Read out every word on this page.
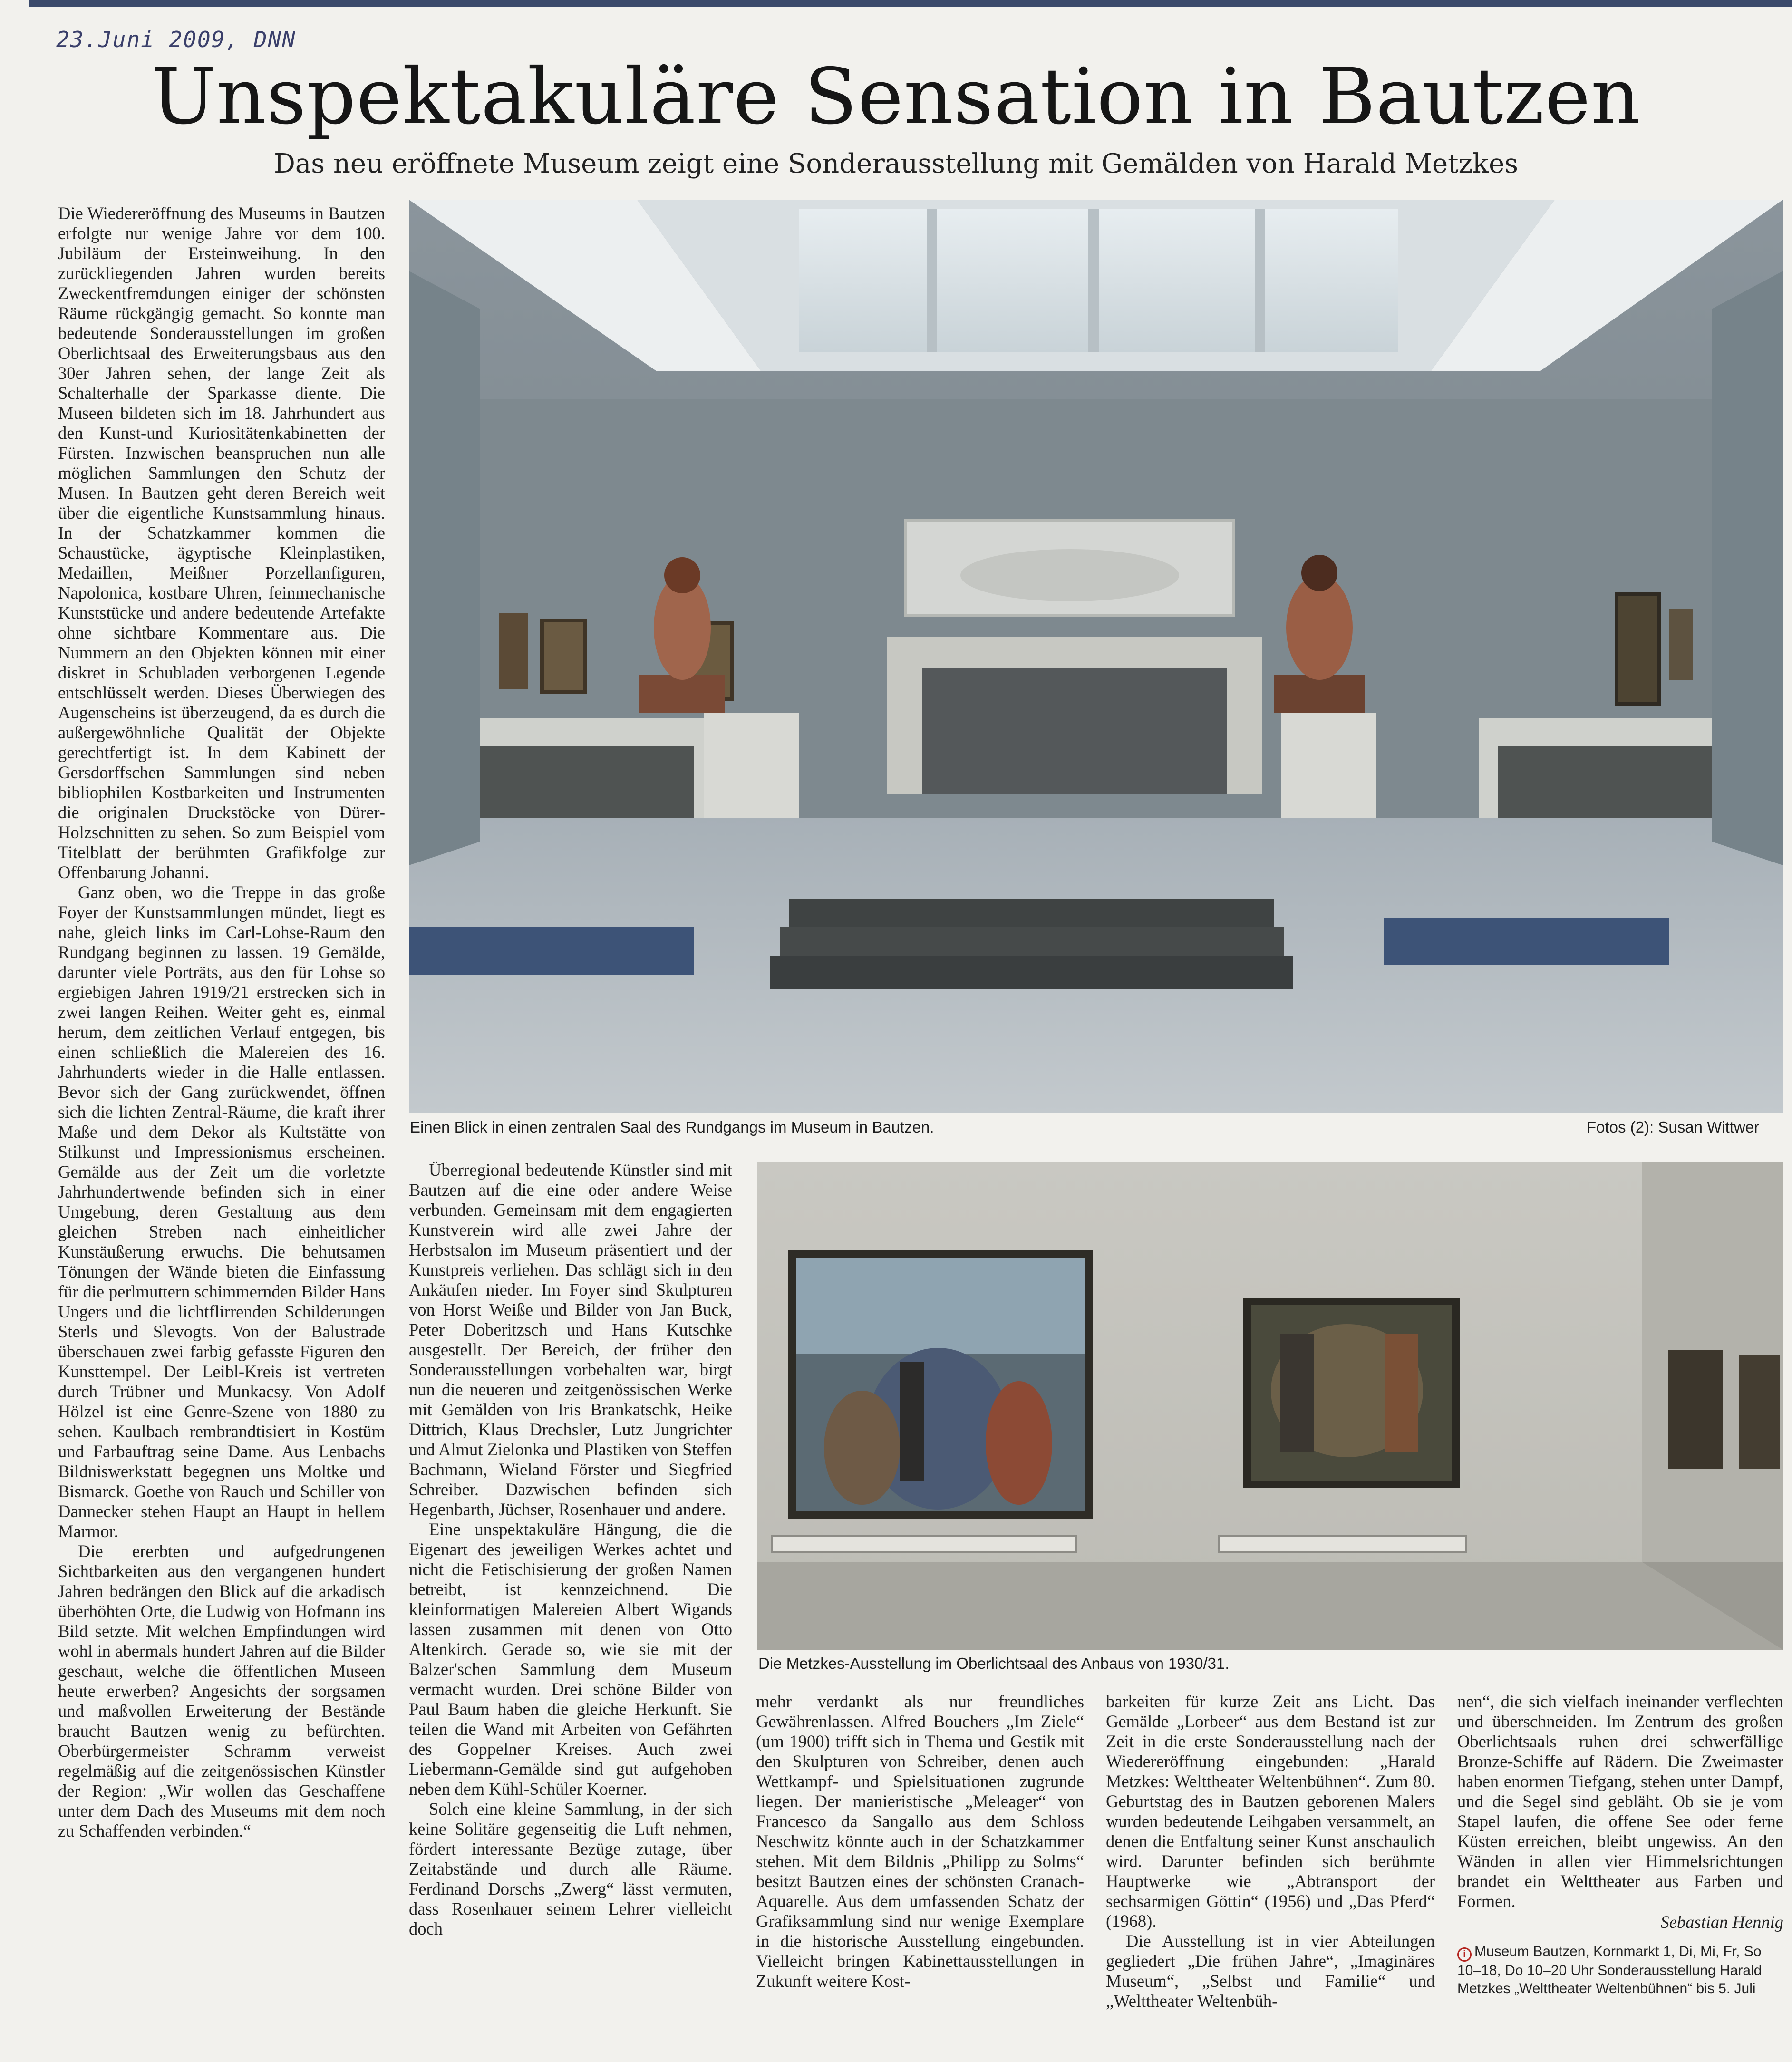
23.Juni 2009, DNN
Unspektakuläre Sensation in Bautzen
Das neu eröffnete Museum zeigt eine Sonderausstellung mit Gemälden von Harald Metzkes

Die Wiedereröffnung des Museums in Bautzen erfolgte nur wenige Jahre vor dem 100. Jubiläum der Ersteinweihung. In den zurückliegenden Jahren wurden bereits Zweckentfremdungen einiger der schönsten Räume rückgängig gemacht. So konnte man bedeutende Sonderausstellungen im großen Oberlichtsaal des Erweiterungsbaus aus den 30er Jahren sehen, der lange Zeit als Schalterhalle der Sparkasse diente. Die Museen bildeten sich im 18. Jahrhundert aus den Kunst-und Kuriositätenkabinetten der Fürsten. Inzwischen beanspruchen nun alle möglichen Sammlungen den Schutz der Musen. In Bautzen geht deren Bereich weit über die eigentliche Kunstsammlung hinaus. In der Schatzkammer kommen die Schaustücke, ägyptische Kleinplastiken, Medaillen, Meißner Porzellanfiguren, Napolonica, kostbare Uhren, feinmechanische Kunststücke und andere bedeutende Artefakte ohne sichtbare Kommentare aus. Die Nummern an den Objekten können mit einer diskret in Schubladen verborgenen Legende entschlüsselt werden. Dieses Überwiegen des Augenscheins ist überzeugend, da es durch die außergewöhnliche Qualität der Objekte gerechtfertigt ist. In dem Kabinett der Gersdorffschen Sammlungen sind neben bibliophilen Kostbarkeiten und Instrumenten die originalen Druckstöcke von Dürer-Holzschnitten zu sehen. So zum Beispiel vom Titelblatt der berühmten Grafikfolge zur Offenbarung Johanni.

Ganz oben, wo die Treppe in das große Foyer der Kunstsammlungen mündet, liegt es nahe, gleich links im Carl-Lohse-Raum den Rundgang beginnen zu lassen. 19 Gemälde, darunter viele Porträts, aus den für Lohse so ergiebigen Jahren 1919/21 erstrecken sich in zwei langen Reihen. Weiter geht es, einmal herum, dem zeitlichen Verlauf entgegen, bis einen schließlich die Malereien des 16. Jahrhunderts wieder in die Halle entlassen. Bevor sich der Gang zurückwendet, öffnen sich die lichten Zentral-Räume, die kraft ihrer Maße und dem Dekor als Kultstätte von Stilkunst und Impressionismus erscheinen. Gemälde aus der Zeit um die vorletzte Jahrhundertwende befinden sich in einer Umgebung, deren Gestaltung aus dem gleichen Streben nach einheitlicher Kunstäußerung erwuchs. Die behutsamen Tönungen der Wände bieten die Einfassung für die perlmuttern schimmernden Bilder Hans Ungers und die lichtflirrenden Schilderungen Sterls und Slevogts. Von der Balustrade überschauen zwei farbig gefasste Figuren den Kunsttempel. Der Leibl-Kreis ist vertreten durch Trübner und Munkacsy. Von Adolf Hölzel ist eine Genre-Szene von 1880 zu sehen. Kaulbach rembrandtisiert in Kostüm und Farbauftrag seine Dame. Aus Lenbachs Bildniswerkstatt begegnen uns Moltke und Bismarck. Goethe von Rauch und Schiller von Dannecker stehen Haupt an Haupt in hellem Marmor.

Die ererbten und aufgedrungenen Sichtbarkeiten aus den vergangenen hundert Jahren bedrängen den Blick auf die arkadisch überhöhten Orte, die Ludwig von Hofmann ins Bild setzte. Mit welchen Empfindungen wird wohl in abermals hundert Jahren auf die Bilder geschaut, welche die öffentlichen Museen heute erwerben? Angesichts der sorgsamen und maßvollen Erweiterung der Bestände braucht Bautzen wenig zu befürchten. Oberbürgermeister Schramm verweist regelmäßig auf die zeitgenössischen Künstler der Region: „Wir wollen das Geschaffene unter dem Dach des Museums mit dem noch zu Schaffenden verbinden.“

Einen Blick in einen zentralen Saal des Rundgangs im Museum in Bautzen.	Fotos (2): Susan Wittwer

Überregional bedeutende Künstler sind mit Bautzen auf die eine oder andere Weise verbunden. Gemeinsam mit dem engagierten Kunstverein wird alle zwei Jahre der Herbstsalon im Museum präsentiert und der Kunstpreis verliehen. Das schlägt sich in den Ankäufen nieder. Im Foyer sind Skulpturen von Horst Weiße und Bilder von Jan Buck, Peter Doberitzsch und Hans Kutschke ausgestellt. Der Bereich, der früher den Sonderausstellungen vorbehalten war, birgt nun die neueren und zeitgenössischen Werke mit Gemälden von Iris Brankatschk, Heike Dittrich, Klaus Drechsler, Lutz Jungrichter und Almut Zielonka und Plastiken von Steffen Bachmann, Wieland Förster und Siegfried Schreiber. Dazwischen befinden sich Hegenbarth, Jüchser, Rosenhauer und andere.

Eine unspektakuläre Hängung, die die Eigenart des jeweiligen Werkes achtet und nicht die Fetischisierung der großen Namen betreibt, ist kennzeichnend. Die kleinformatigen Malereien Albert Wigands lassen zusammen mit denen von Otto Altenkirch. Gerade so, wie sie mit der Balzer'schen Sammlung dem Museum vermacht wurden. Drei schöne Bilder von Paul Baum haben die gleiche Herkunft. Sie teilen die Wand mit Arbeiten von Gefährten des Goppelner Kreises. Auch zwei Liebermann-Gemälde sind gut aufgehoben neben dem Kühl-Schüler Koerner.

Solch eine kleine Sammlung, in der sich keine Solitäre gegenseitig die Luft nehmen, fördert interessante Bezüge zutage, über Zeitabstände und durch alle Räume. Ferdinand Dorschs „Zwerg“ lässt vermuten, dass Rosenhauer seinem Lehrer vielleicht doch

Die Metzkes-Ausstellung im Oberlichtsaal des Anbaus von 1930/31.

mehr verdankt als nur freundliches Gewährenlassen. Alfred Bouchers „Im Ziele“ (um 1900) trifft sich in Thema und Gestik mit den Skulpturen von Schreiber, denen auch Wettkampf- und Spielsituationen zugrunde liegen. Der manieristische „Meleager“ von Francesco da Sangallo aus dem Schloss Neschwitz könnte auch in der Schatzkammer stehen. Mit dem Bildnis „Philipp zu Solms“ besitzt Bautzen eines der schönsten Cranach-Aquarelle. Aus dem umfassenden Schatz der Grafiksammlung sind nur wenige Exemplare in die historische Ausstellung eingebunden. Vielleicht bringen Kabinettausstellungen in Zukunft weitere Kost-

barkeiten für kurze Zeit ans Licht. Das Gemälde „Lorbeer“ aus dem Bestand ist zur Zeit in die erste Sonderausstellung nach der Wiedereröffnung eingebunden: „Harald Metzkes: Welttheater Weltenbühnen“. Zum 80. Geburtstag des in Bautzen geborenen Malers wurden bedeutende Leihgaben versammelt, an denen die Entfaltung seiner Kunst anschaulich wird. Darunter befinden sich berühmte Hauptwerke wie „Abtransport der sechsarmigen Göttin“ (1956) und „Das Pferd“ (1968).

Die Ausstellung ist in vier Abteilungen gegliedert „Die frühen Jahre“, „Imaginäres Museum“, „Selbst und Familie“ und „Welttheater Weltenbüh-

nen“, die sich vielfach ineinander verflechten und überschneiden. Im Zentrum des großen Oberlichtsaals ruhen drei schwerfällige Bronze-Schiffe auf Rädern. Die Zweimaster haben enormen Tiefgang, stehen unter Dampf, und die Segel sind gebläht. Ob sie je vom Stapel laufen, die offene See oder ferne Küsten erreichen, bleibt ungewiss. An den Wänden in allen vier Himmelsrichtungen brandet ein Welttheater aus Farben und Formen.

Sebastian Hennig
i Museum Bautzen, Kornmarkt 1, Di, Mi, Fr, So 10–18, Do 10–20 Uhr Sonderausstellung Harald Metzkes „Welttheater Weltenbühnen“ bis 5. Juli
